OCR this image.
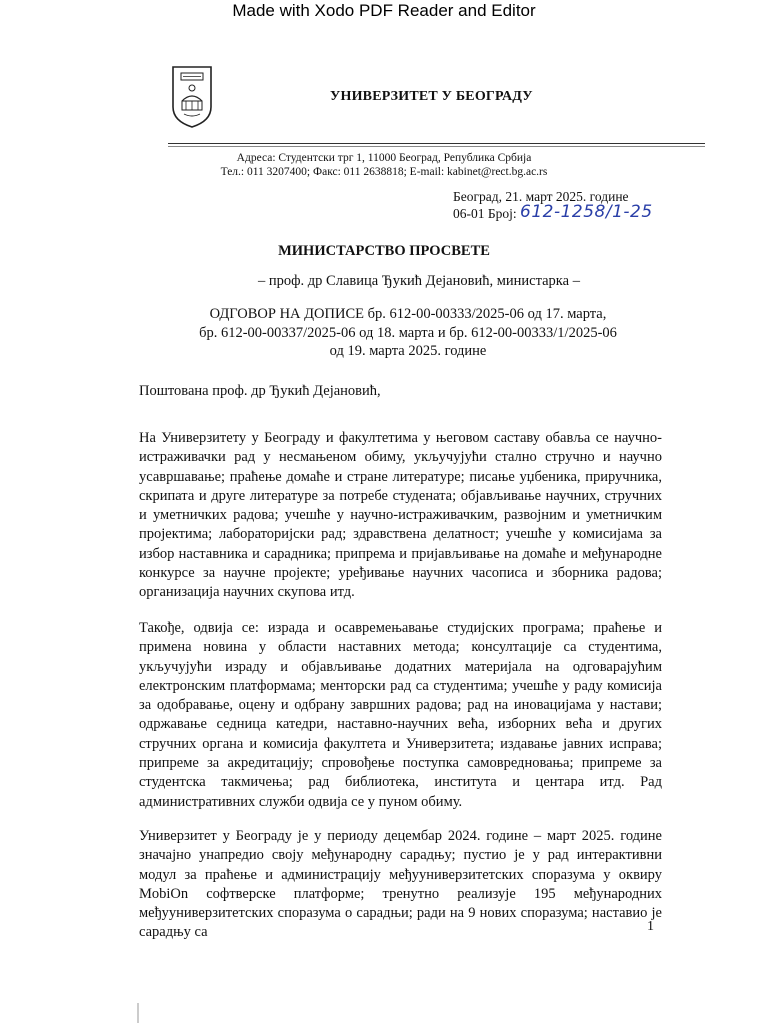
Made with Xodo PDF Reader and Editor
УНИВЕРЗИТЕТ У БЕОГРАДУ
Адреса: Студентски трг 1, 11000 Београд, Република Србија
Тел.: 011 3207400; Факс: 011 2638818; E-mail: kabinet@rect.bg.ac.rs
Београд, 21. март 2025. године
06-01 Број: 612-1258/1-25
МИНИСТАРСТВО ПРОСВЕТЕ
– проф. др Славица Ђукић Дејановић, министарка –
ОДГОВОР НА ДОПИСЕ бр. 612-00-00333/2025-06 од 17. марта,
бр. 612-00-00337/2025-06 од 18. марта и бр. 612-00-00333/1/2025-06
од 19. марта 2025. године
Поштована проф. др Ђукић Дејановић,
На Универзитету у Београду и факултетима у његовом саставу обавља се научно-истраживачки рад у несмањеном обиму, укључујући стално стручно и научно усавршавање; праћење домаће и стране литературе; писање уџбеника, приручника, скрипата и друге литературе за потребе студената; објављивање научних, стручних и уметничких радова; учешће у научно-истраживачким, развојним и уметничким пројектима; лабораторијски рад; здравствена делатност; учешће у комисијама за избор наставника и сарадника; припрема и пријављивање на домаће и међународне конкурсе за научне пројекте; уређивање научних часописа и зборника радова; организација научних скупова итд.
Такође, одвија се: израда и осавремењавање студијских програма; праћење и примена новина у области наставних метода; консултације са студентима, укључујући израду и објављивање додатних материјала на одговарајућим електронским платформама; менторски рад са студентима; учешће у раду комисија за одобравање, оцену и одбрану завршних радова; рад на иновацијама у настави; одржавање седница катедри, наставно-научних већа, изборних већа и других стручних органа и комисија факултета и Универзитета; издавање јавних исправа; припреме за акредитацију; спровођење поступка самовредновања; припреме за студентска такмичења; рад библиотека, института и центара итд. Рад административних служби одвија се у пуном обиму.
Универзитет у Београду је у периоду децембар 2024. године – март 2025. године значајно унапредио своју међународну сарадњу; пустио је у рад интерактивни модул за праћење и администрацију међууниверзитетских споразума у оквиру MobiOn софтверске платформе; тренутно реализује 195 међународних међууниверзитетских споразума о сарадњи; ради на 9 нових споразума; наставио је сарадњу са	1
